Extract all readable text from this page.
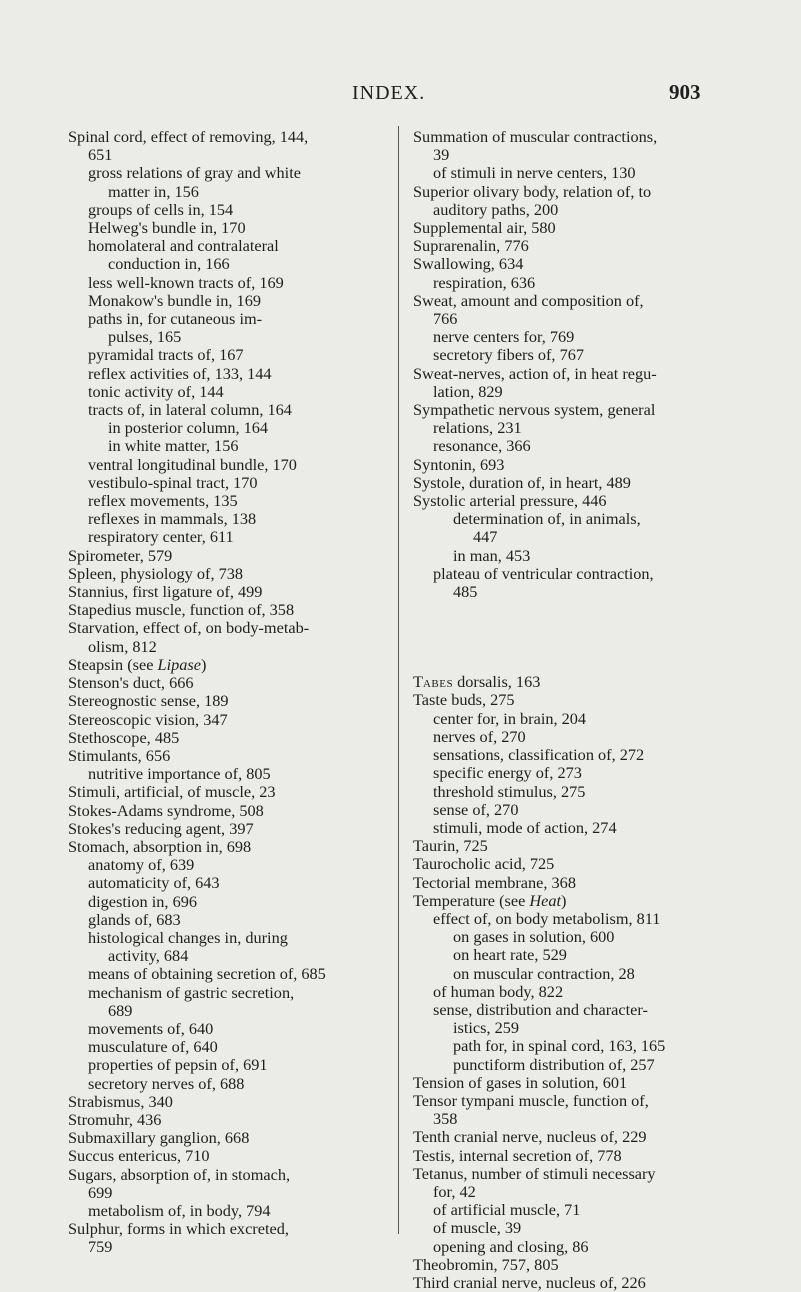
INDEX.	903
Spinal cord, effect of removing, 144,
651
gross relations of gray and white
matter in, 156
groups of cells in, 154
Helweg's bundle in, 170
homolateral and contralateral
conduction in, 166
less well-known tracts of, 169
Monakow's bundle in, 169
paths in, for cutaneous im-
pulses, 165
pyramidal tracts of, 167
reflex activities of, 133, 144
tonic activity of, 144
tracts of, in lateral column, 164
in posterior column, 164
in white matter, 156
ventral longitudinal bundle, 170
vestibulo-spinal tract, 170
reflex movements, 135
reflexes in mammals, 138
respiratory center, 611
Spirometer, 579
Spleen, physiology of, 738
Stannius, first ligature of, 499
Stapedius muscle, function of, 358
Starvation, effect of, on body-metab-
olism, 812
Steapsin (see Lipase)
Stenson's duct, 666
Stereognostic sense, 189
Stereoscopic vision, 347
Stethoscope, 485
Stimulants, 656
nutritive importance of, 805
Stimuli, artificial, of muscle, 23
Stokes-Adams syndrome, 508
Stokes's reducing agent, 397
Stomach, absorption in, 698
anatomy of, 639
automaticity of, 643
digestion in, 696
glands of, 683
histological changes in, during
activity, 684
means of obtaining secretion of, 685
mechanism of gastric secretion,
689
movements of, 640
musculature of, 640
properties of pepsin of, 691
secretory nerves of, 688
Strabismus, 340
Stromuhr, 436
Submaxillary ganglion, 668
Succus entericus, 710
Sugars, absorption of, in stomach,
699
metabolism of, in body, 794
Sulphur, forms in which excreted,
759
Summation of muscular contractions,
39
of stimuli in nerve centers, 130
Superior olivary body, relation of, to
auditory paths, 200
Supplemental air, 580
Suprarenalin, 776
Swallowing, 634
respiration, 636
Sweat, amount and composition of,
766
nerve centers for, 769
secretory fibers of, 767
Sweat-nerves, action of, in heat regu-
lation, 829
Sympathetic nervous system, general
relations, 231
resonance, 366
Syntonin, 693
Systole, duration of, in heart, 489
Systolic arterial pressure, 446
determination of, in animals,
447
in man, 453
plateau of ventricular contraction,
485
Tabes dorsalis, 163
Taste buds, 275
center for, in brain, 204
nerves of, 270
sensations, classification of, 272
specific energy of, 273
threshold stimulus, 275
sense of, 270
stimuli, mode of action, 274
Taurin, 725
Taurocholic acid, 725
Tectorial membrane, 368
Temperature (see Heat)
effect of, on body metabolism, 811
on gases in solution, 600
on heart rate, 529
on muscular contraction, 28
of human body, 822
sense, distribution and character-
istics, 259
path for, in spinal cord, 163, 165
punctiform distribution of, 257
Tension of gases in solution, 601
Tensor tympani muscle, function of,
358
Tenth cranial nerve, nucleus of, 229
Testis, internal secretion of, 778
Tetanus, number of stimuli necessary
for, 42
of artificial muscle, 71
of muscle, 39
opening and closing, 86
Theobromin, 757, 805
Third cranial nerve, nucleus of, 226
